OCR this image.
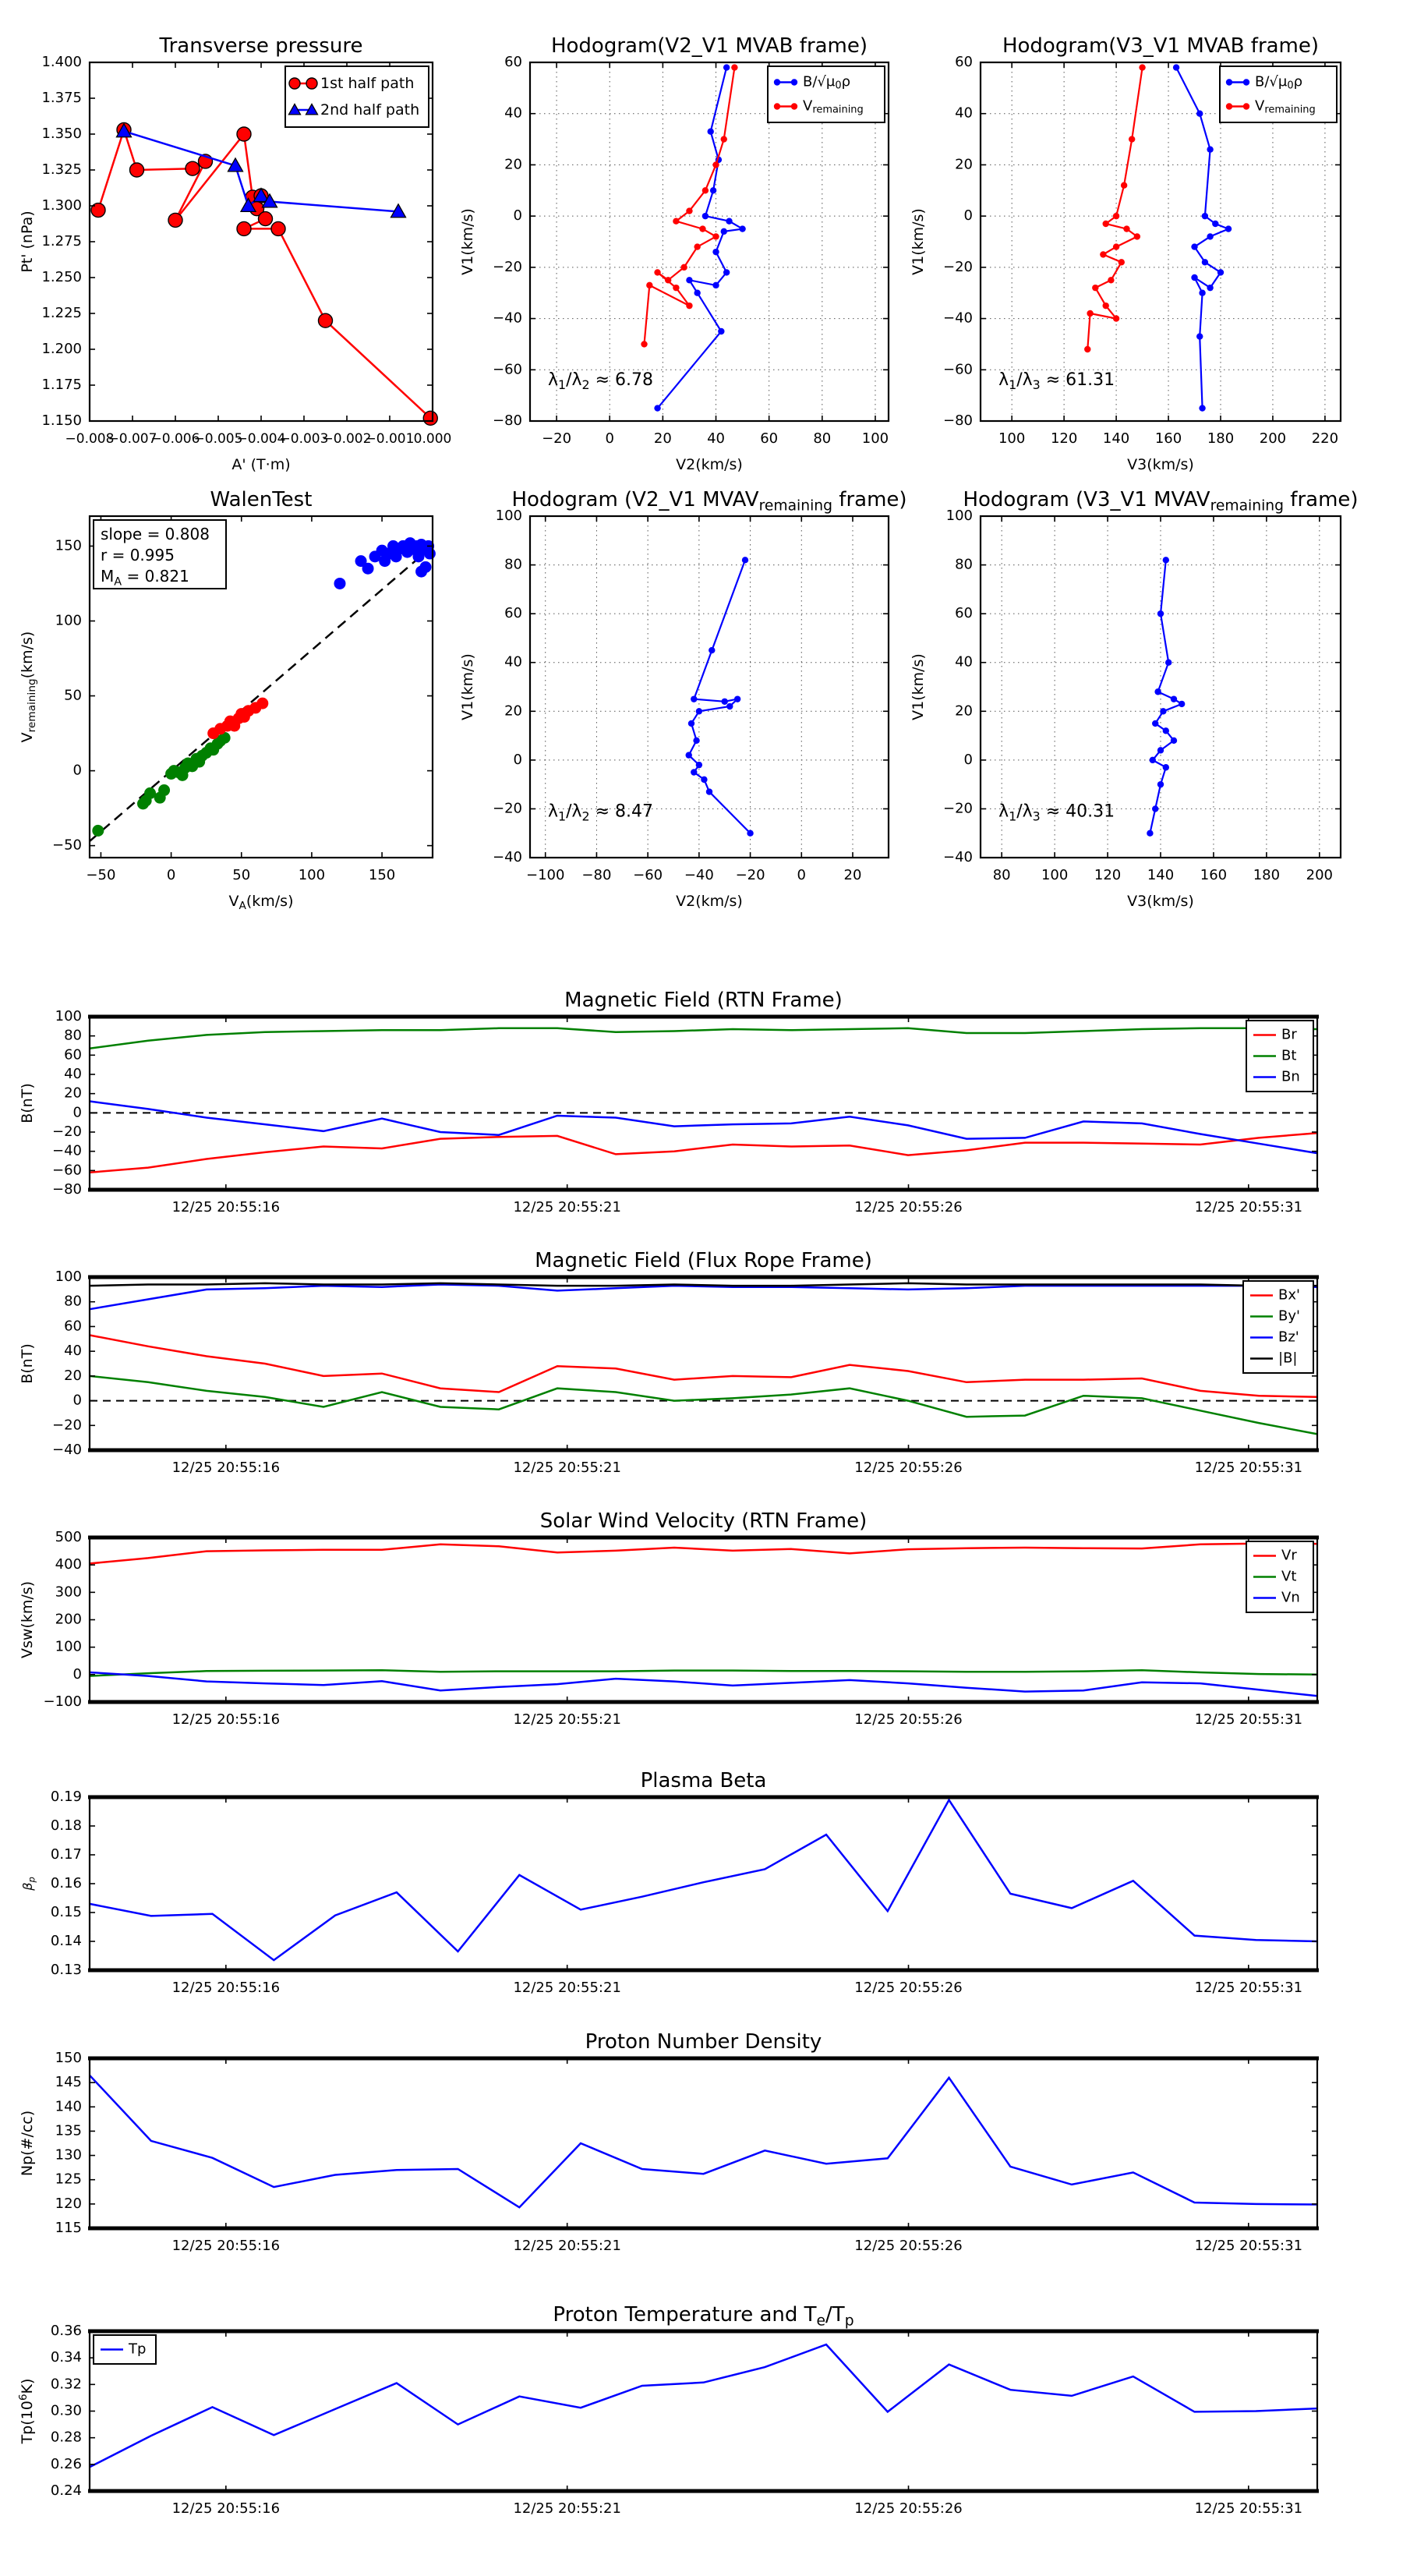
−0.008
−0.007
−0.006
−0.005
−0.004
−0.003
−0.002
−0.001 0.000
1.150
1.175
1.200
1.225
1.250
1.275
1.300
1.325
1.350
1.375
1.400
Transverse pressure
A' (T·m)
Pt' (nPa)
1st half path
2nd half path
−20 0	20	40	60	80 100
−80
−60
−40
−20
0
20
40
60
Hodogram(V2_V1 MVAB frame)
V2(km/s)
V1(km/s)
$\lambda_1/\lambda_2 \approx 6.78$
$B/√\mu_0\rho$
$V_{remaining}$
100 120 140 160 180 200 220
−80
−60
−40
−20
0
20
40
60
Hodogram(V3_V1 MVAB frame)
V3(km/s)
V1(km/s)
$\lambda_1/\lambda_3 \approx 61.31$
$B/√\mu_0\rho$
$V_{remaining}$
−50	0	50	100	150
−50
0
50
100
150
WalenTest
$V_A(km/s)$
$V_{remaining}(km/s)$
slope = 0.808
r = 0.995
$M_A = 0.821$
−100 −80 −60 −40 −20 0	20
−40
−20
0
20
40
60
80
100
Hodogram (V2_V1 $MVAV_{remaining}$ frame)
V2(km/s)
V1(km/s)
$\lambda_1/\lambda_2 \approx 8.47$
80 100 120 140 160 180 200
−40
−20
0
20
40
60
80
100
Hodogram (V3_V1 $MVAV_{remaining}$ frame)
V3(km/s)
V1(km/s)
$\lambda_1/\lambda_3 \approx 40.31$
12/25 20:55:16	12/25 20:55:21	12/25 20:55:26	12/25 20:55:31
−80
−60
−40
−20
0
20
40
60
80
100
Magnetic Field (RTN Frame)
B(nT)
Br
Bt
Bn
12/25 20:55:16	12/25 20:55:21	12/25 20:55:26	12/25 20:55:31
−40
−20
0
20
40
60
80
100
Magnetic Field (Flux Rope Frame)
B(nT)
Bx'
By'
Bz'
|B|
12/25 20:55:16	12/25 20:55:21	12/25 20:55:26	12/25 20:55:31
−100
0
100
200
300
400
500
Solar Wind Velocity (RTN Frame)
Vsw(km/s)
Vr
Vt
Vn
12/25 20:55:16	12/25 20:55:21	12/25 20:55:26	12/25 20:55:31
0.13
0.14
0.15
0.16
0.17
0.18
0.19
Plasma Beta
$\beta_p$
12/25 20:55:16	12/25 20:55:21	12/25 20:55:26	12/25 20:55:31
115
120
125
130
135
140
145
150
Proton Number Density
Np(#/cc)
12/25 20:55:16	12/25 20:55:21	12/25 20:55:26	12/25 20:55:31
0.24
0.26
0.28
0.30
0.32
0.34
0.36
Proton Temperature and $T_e/T_p$
$Tp(10^6K)$
Tp
